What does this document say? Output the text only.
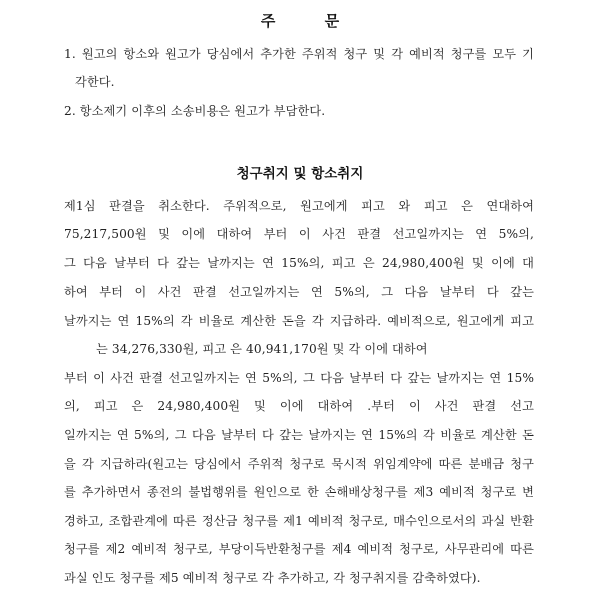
주 문
1. 원고의 항소와 원고가 당심에서 추가한 주위적 청구 및 각 예비적 청구를 모두 기
각한다.
2. 항소제기 이후의 소송비용은 원고가 부담한다.
청구취지 및 항소취지
제1심 판결을 취소한다. 주위적으로, 원고에게 피고 와 피고 은 연대하여
75,217,500원 및 이에 대하여 부터 이 사건 판결 선고일까지는 연 5%의,
그 다음 날부터 다 갚는 날까지는 연 15%의, 피고 은 24,980,400원 및 이에 대
하여 부터 이 사건 판결 선고일까지는 연 5%의, 그 다음 날부터 다 갚는
날까지는 연 15%의 각 비율로 계산한 돈을 각 지급하라. 예비적으로, 원고에게 피고
는 34,276,330원, 피고 은 40,941,170원 및 각 이에 대하여
부터 이 사건 판결 선고일까지는 연 5%의, 그 다음 날부터 다 갚는 날까지는 연 15%
의, 피고 은 24,980,400원 및 이에 대하여 .부터 이 사건 판결 선고
일까지는 연 5%의, 그 다음 날부터 다 갚는 날까지는 연 15%의 각 비율로 계산한 돈
을 각 지급하라(원고는 당심에서 주위적 청구로 묵시적 위임계약에 따른 분배금 청구
를 추가하면서 종전의 불법행위를 원인으로 한 손해배상청구를 제3 예비적 청구로 변
경하고, 조합관계에 따른 정산금 청구를 제1 예비적 청구로, 매수인으로서의 과실 반환
청구를 제2 예비적 청구로, 부당이득반환청구를 제4 예비적 청구로, 사무관리에 따른
과실 인도 청구를 제5 예비적 청구로 각 추가하고, 각 청구취지를 감축하였다).
